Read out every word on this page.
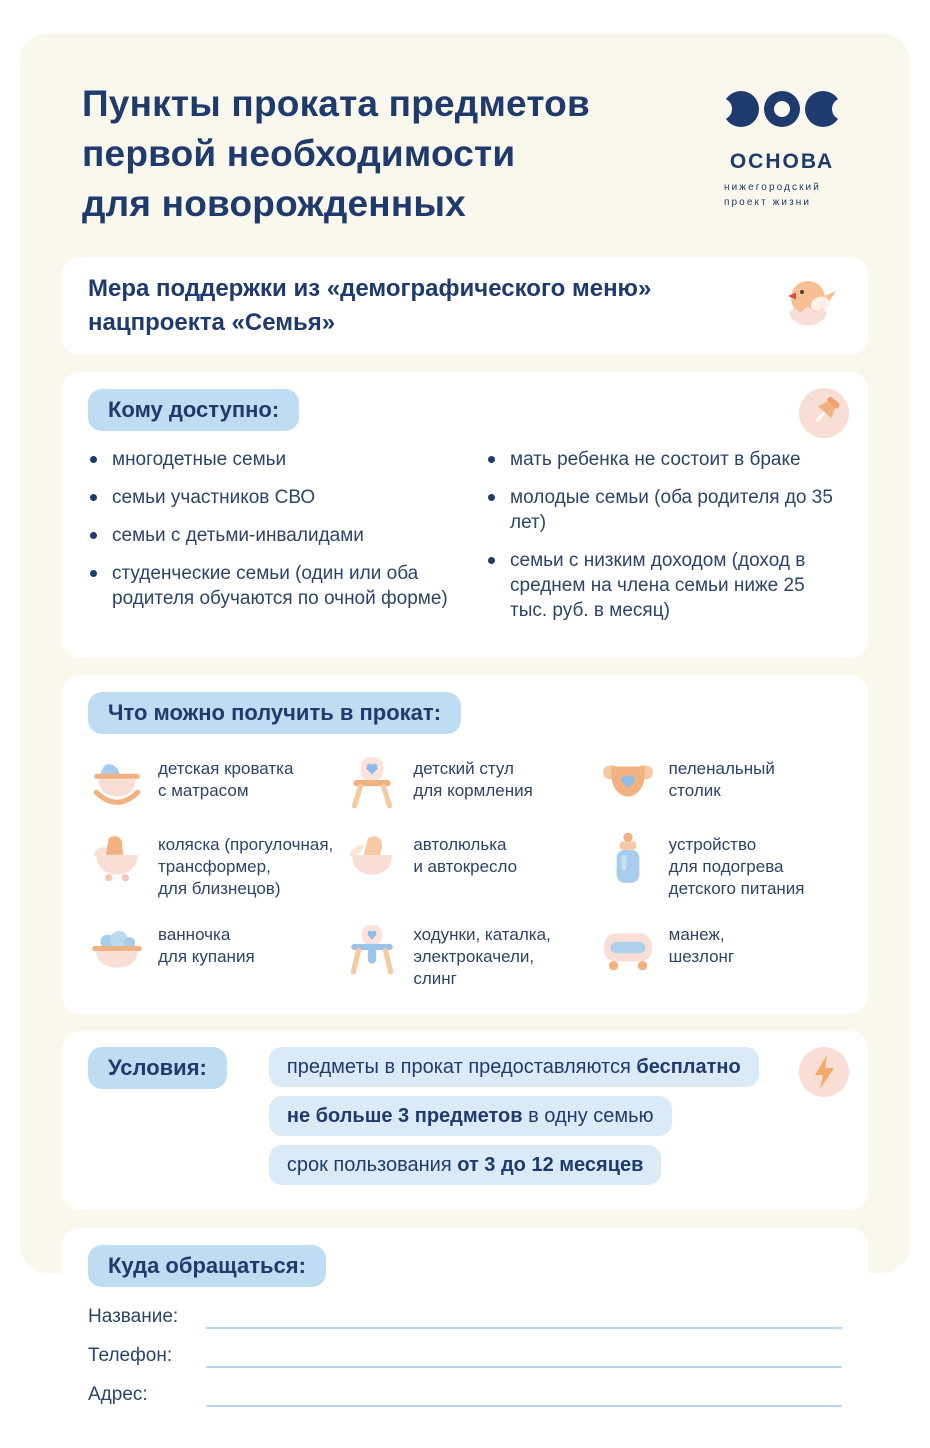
Пункты проката предметов
первой необходимости
для новорожденных
ОСНОВА
нижегородский
проект жизни
Мера поддержки из «демографического меню»
нацпроекта «Семья»
Кому доступно:
многодетные семьи
семьи участников СВО
семьи с детьми-инвалидами
студенческие семьи (один или оба родителя обучаются по очной форме)
мать ребенка не состоит в браке
молодые семьи (оба родителя до 35 лет)
семьи с низким доходом (доход в среднем на члена семьи ниже 25 тыс. руб. в месяц)
Что можно получить в прокат:
детская кроватка
с матрасом
детский стул
для кормления
пеленальный
столик
коляска (прогулочная,
трансформер,
для близнецов)
автолюлька
и автокресло
устройство
для подогрева
детского питания
ванночка
для купания
ходунки, каталка,
электрокачели,
слинг
манеж,
шезлонг
Условия:	предметы в прокат предоставляются бесплатно
не больше 3 предметов в одну семью
срок пользования от 3 до 12 месяцев
Куда обращаться:
Название:
Телефон:
Адрес:
